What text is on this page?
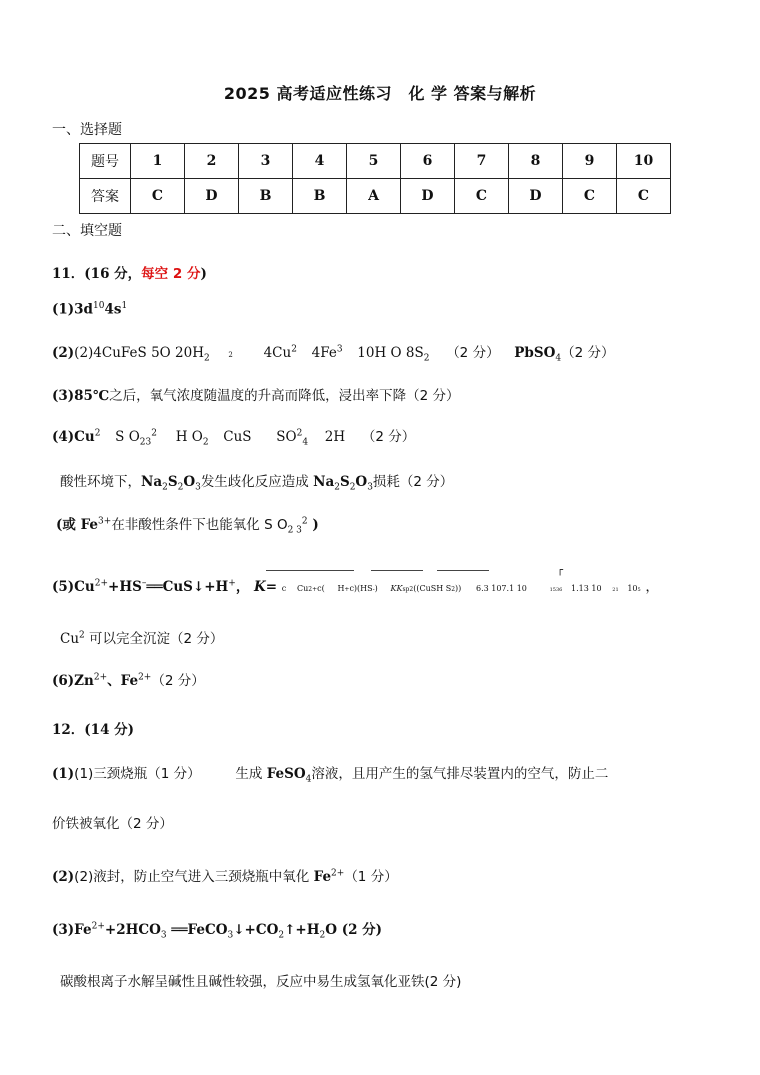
2025 高考适应性练习　化 学 答案与解析
一、选择题
题号	1	2	3	4	5	6	7	8	9	10
答案	C	D	B	B	A	D	C	D	C	C
二、填空题
11．(16 分，每空 2 分)
$(1)3d^{10}4s^1$
(2)(2)4CuFeS 5O $20H_2$	2 4Cu$^2$ 4Fe$^3$ 10H O $8S_2$ （2 分） PbSO$_4$（2 分）
(3)85℃之后，氧气浓度随温度的升高而降低，浸出率下降（2 分）
(4)Cu$^2$ S $O_{23}^2$ H $O_2$ CuS $SO^2_4$ 2H （2 分）
酸性环境下，$Na_2S_2O_3$发生歧化反应造成 $Na_2S_2O_3$损耗（2 分）
(或 $Fe^{3+}$在非酸性条件下也能氧化 S $O_{2 3}^2$ )
┌
$(5)Cu^{2+}+HS^-══CuS↓+H^+$， K= c Cu2+c( H+c)(HS-) KKsp2((CuSH S2)) 6.3 107.1 10	1536 1.13 10 21 105 ，
Cu$^2$ 可以完全沉淀（2 分）
$(6)Zn^{2+}$、$Fe^{2+}(2$ 分）
12．(14 分)
(1)(1)三颈烧瓶（1 分）	生成 FeSO$_4$溶液，且用产生的氢气排尽装置内的空气，防止二
价铁被氧化（2 分）
(2)(2)液封，防止空气进入三颈烧瓶中氧化 $Fe^{2+}(1$ 分）
$(3)Fe^{2+}+2HCO_3$ $══FeCO_3↓+CO_2↑+H_2O$ (2 分)
碳酸根离子水解呈碱性且碱性较强，反应中易生成氢氧化亚铁(2 分)
